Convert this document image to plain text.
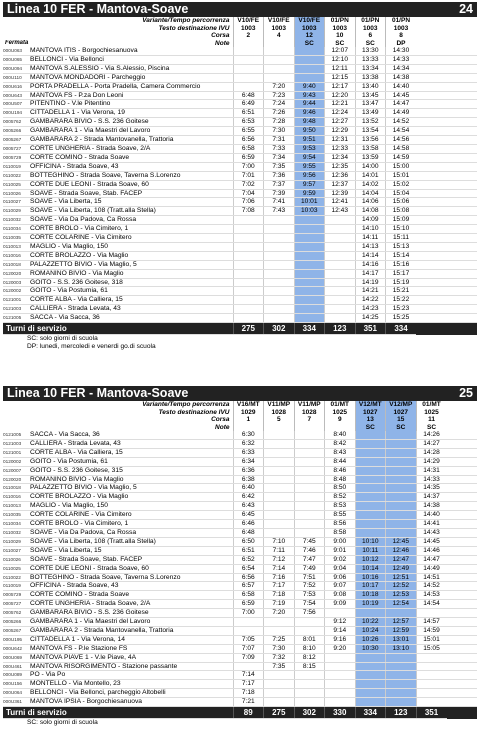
Linea 10 FER - Mantova-Soave	24
Variante/Tempo percorrenza	V10/FE	V10/FE	V10/FE	01/PN	01/PN	01/PN	
Testo destinazione IVU	1003	1003	1003	1003	1003	1003	
Corsa	2	4	12	10	6	8	

Fermata Note			SC	SC	SC	DP	
000U063 MANTOVA ITIS - Borgochiesanuova				12:07	13:30	14:30	
000U065 BELLONCI - Via Bellonci				12:10	13:33	14:33	
000U094 MANTOVA S.ALESSIO - Via S.Alessio, Piscina				12:11	13:34	14:34	
000U110 MANTOVA MONDADORI - Parcheggio				12:15	13:38	14:38	
000U616 PORTA PRADELLA - Porta Pradella, Camera Commercio		7:20	9:40	12:17	13:40	14:40	
000U643 MANTOVA FS - P.za Don Leoni	6:48	7:23	9:43	12:20	13:45	14:45	
000U507 PITENTINO - V.le Pitentino	6:49	7:24	9:44	12:21	13:47	14:47	
000U194 CITTADELLA 1 - Via Verona, 19	6:51	7:26	9:46	12:24	13:49	14:49	
0005762 GAMBARARA BIVIO - S.S. 236 Goitese	6:53	7:28	9:48	12:27	13:52	14:52	
0005266 GAMBARARA 1 - Via Maestri del Lavoro	6:55	7:30	9:50	12:29	13:54	14:54	
0005267 GAMBARARA 2 - Strada Mantovanella, Trattoria	6:56	7:31	9:51	12:31	13:56	14:56	
0005727 CORTE UNGHERIA - Strada Soave, 2/A	6:58	7:33	9:53	12:33	13:58	14:58	
0005729 CORTE COMINO - Strada Soave	6:59	7:34	9:54	12:34	13:59	14:59	
0110019 OFFICINA - Strada Soave, 43	7:00	7:35	9:55	12:35	14:00	15:00	
0110022 BOTTEGHINO - Strada Soave, Taverna S.Lorenzo	7:01	7:36	9:56	12:36	14:01	15:01	
0110025 CORTE DUE LEONI - Strada Soave, 60	7:02	7:37	9:57	12:37	14:02	15:02	
0110026 SOAVE - Strada Soave, Stab. FACEP	7:04	7:39	9:59	12:39	14:04	15:04	
0110027 SOAVE - Via Liberta, 15	7:06	7:41	10:01	12:41	14:06	15:06	
0110029 SOAVE - Via Liberta, 108 (Tratt.alla Stella)	7:08	7:43	10:03	12:43	14:08	15:08	
0110032 SOAVE - Via Da Padova, Ca Rossa					14:09	15:09	
0110034 CORTE BROLO - Via Cimitero, 1					14:10	15:10	
0110035 CORTE COLARINE - Via Cimitero					14:11	15:11	
0110013 MAGLIO - Via Maglio, 150					14:13	15:13	
0110016 CORTE BROLAZZO - Via Maglio					14:14	15:14	
0110018 PALAZZETTO BIVIO - Via Maglio, 5					14:16	15:16	
0120020 ROMANINO BIVIO - Via Maglio					14:17	15:17	
0120003 GOITO - S.S. 236 Goitese, 318					14:19	15:19	
0120002 GOITO - Via Postumia, 61					14:21	15:21	
0121001 CORTE ALBA - Via Calliera, 15					14:22	15:22	
0121003 CALLIERA - Strada Levata, 43					14:23	15:23	
0121005 SACCA - Via Sacca, 36					14:25	15:25	
Turni di servizio	275	302	334	123	351	334	
SC: solo giorni di scuola
DP: lunedi, mercoledi e venerdi go.di scuola
Linea 10 FER - Mantova-Soave	25
Variante/Tempo percorrenza	V16/MT	V11/MP	V11/MP	01/MT	V12/MT	V12/MP	01/MT	
Testo destinazione IVU	1029	1028	1028	1025	1027	1027	1025	
Corsa	1	5	7	9	13	15	11	
Note					SC	SC	SC	
0121005 SACCA - Via Sacca, 36	6:30			8:40			14:26	
0121003 CALLIERA - Strada Levata, 43	6:32			8:42			14:27	
0121001 CORTE ALBA - Via Calliera, 15	6:33			8:43			14:28	
0120002 GOITO - Via Postumia, 61	6:34			8:44			14:29	
0120007 GOITO - S.S. 236 Goitese, 315	6:36			8:46			14:31	
0120020 ROMANINO BIVIO - Via Maglio	6:38			8:48			14:33	
0110018 PALAZZETTO BIVIO - Via Maglio, 5	6:40			8:50			14:35	
0110016 CORTE BROLAZZO - Via Maglio	6:42			8:52			14:37	
0110013 MAGLIO - Via Maglio, 150	6:43			8:53			14:38	
0110035 CORTE COLARINE - Via Cimitero	6:45			8:55			14:40	
0110034 CORTE BROLO - Via Cimitero, 1	6:46			8:56			14:41	
0110032 SOAVE - Via Da Padova, Ca Rossa	6:48			8:58			14:43	
0110029 SOAVE - Via Liberta, 108 (Tratt.alla Stella)	6:50	7:10	7:45	9:00	10:10	12:45	14:45	
0110027 SOAVE - Via Liberta, 15	6:51	7:11	7:46	9:01	10:11	12:46	14:46	
0110026 SOAVE - Strada Soave, Stab. FACEP	6:52	7:12	7:47	9:02	10:12	12:47	14:47	
0110025 CORTE DUE LEONI - Strada Soave, 60	6:54	7:14	7:49	9:04	10:14	12:49	14:49	
0110022 BOTTEGHINO - Strada Soave, Taverna S.Lorenzo	6:56	7:16	7:51	9:06	10:16	12:51	14:51	
0110019 OFFICINA - Strada Soave, 43	6:57	7:17	7:52	9:07	10:17	12:52	14:52	
0005729 CORTE COMINO - Strada Soave	6:58	7:18	7:53	9:08	10:18	12:53	14:53	
0005727 CORTE UNGHERIA - Strada Soave, 2/A	6:59	7:19	7:54	9:09	10:19	12:54	14:54	
0005762 GAMBARARA BIVIO - S.S. 236 Goitese	7:00	7:20	7:56					
0005266 GAMBARARA 1 - Via Maestri del Lavoro				9:12	10:22	12:57	14:57	
0005267 GAMBARARA 2 - Strada Mantovanella, Trattoria				9:14	10:24	12:59	14:59	
000U195 CITTADELLA 1 - Via Verona, 14	7:05	7:25	8:01	9:16	10:26	13:01	15:01	
000U642 MANTOVA FS - P.le Stazione FS	7:07	7:30	8:10	9:20	10:30	13:10	15:05	
000U069 MANTOVA PIAVE 1 - V.le Piave, 4A	7:09	7:32	8:12					
000U461 MANTOVA RISORGIMENTO - Stazione passante		7:35	8:15					
000U089 PO - Via Po	7:14							
000U156 MONTELLO - Via Montello, 23	7:17							
000U064 BELLONCI - Via Bellonci, parcheggio Altobelli	7:18							
000U361 MANTOVA IPSIA - Borgochiesanuova	7:21							
Turni di servizio	89	275	302	330	334	123	351	
SC: solo giorni di scuola
